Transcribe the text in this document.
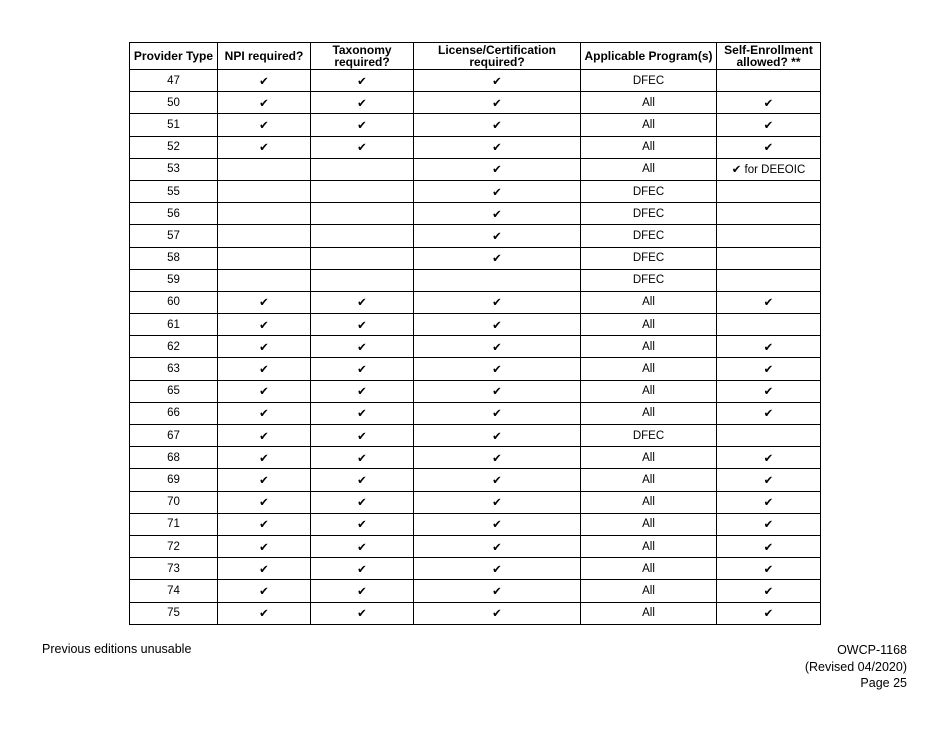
Provider Type	NPI required?	Taxonomy required?	License/Certification required?	Applicable Program(s)	Self-Enrollment allowed? **
47	✔	✔	✔	DFEC	
50	✔	✔	✔	All	✔
51	✔	✔	✔	All	✔
52	✔	✔	✔	All	✔
53			✔	All	✔ for DEEOIC
55			✔	DFEC	
56			✔	DFEC	
57			✔	DFEC	
58			✔	DFEC	
59				DFEC	
60	✔	✔	✔	All	✔
61	✔	✔	✔	All	
62	✔	✔	✔	All	✔
63	✔	✔	✔	All	✔
65	✔	✔	✔	All	✔
66	✔	✔	✔	All	✔
67	✔	✔	✔	DFEC	
68	✔	✔	✔	All	✔
69	✔	✔	✔	All	✔
70	✔	✔	✔	All	✔
71	✔	✔	✔	All	✔
72	✔	✔	✔	All	✔
73	✔	✔	✔	All	✔
74	✔	✔	✔	All	✔
75	✔	✔	✔	All	✔
Previous editions unusable	OWCP-1168
(Revised 04/2020)
Page 25
